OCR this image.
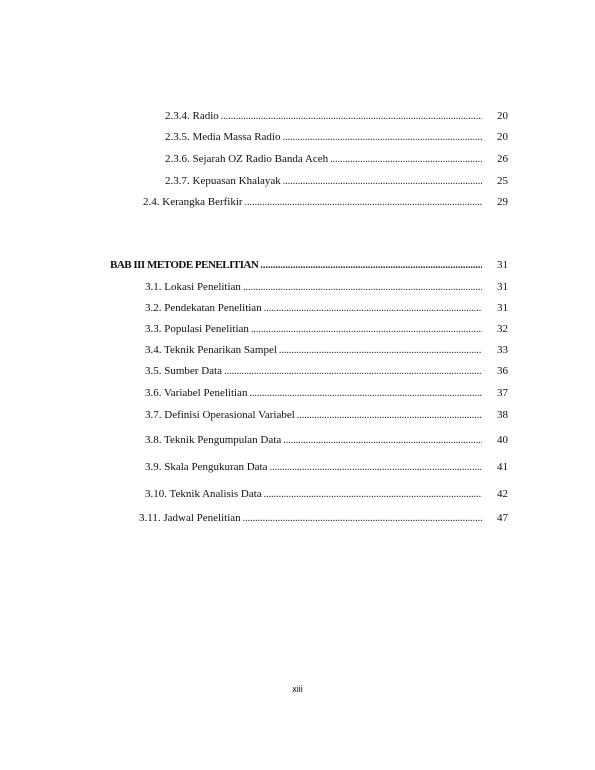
2.3.4. Radio .....	20
2.3.5. Media Massa Radio .....	20
2.3.6. Sejarah OZ Radio Banda Aceh .....	26
2.3.7. Kepuasan Khalayak .....	25
2.4. Kerangka Berfikir .....	29
BAB III METODE PENELITIAN .....	31
3.1. Lokasi Penelitian .....	31
3.2. Pendekatan Penelitian .....	31
3.3. Populasi Penelitian .....	32
3.4. Teknik Penarikan Sampel .....	33
3.5. Sumber Data .....	36
3.6. Variabel Penelitian .....	37
3.7. Definisi Operasional Variabel .....	38
3.8. Teknik Pengumpulan Data .....	40
3.9. Skala Pengukuran Data .....	41
3.10. Teknik Analisis Data .....	42
3.11. Jadwal Penelitian .....	47
xiii
